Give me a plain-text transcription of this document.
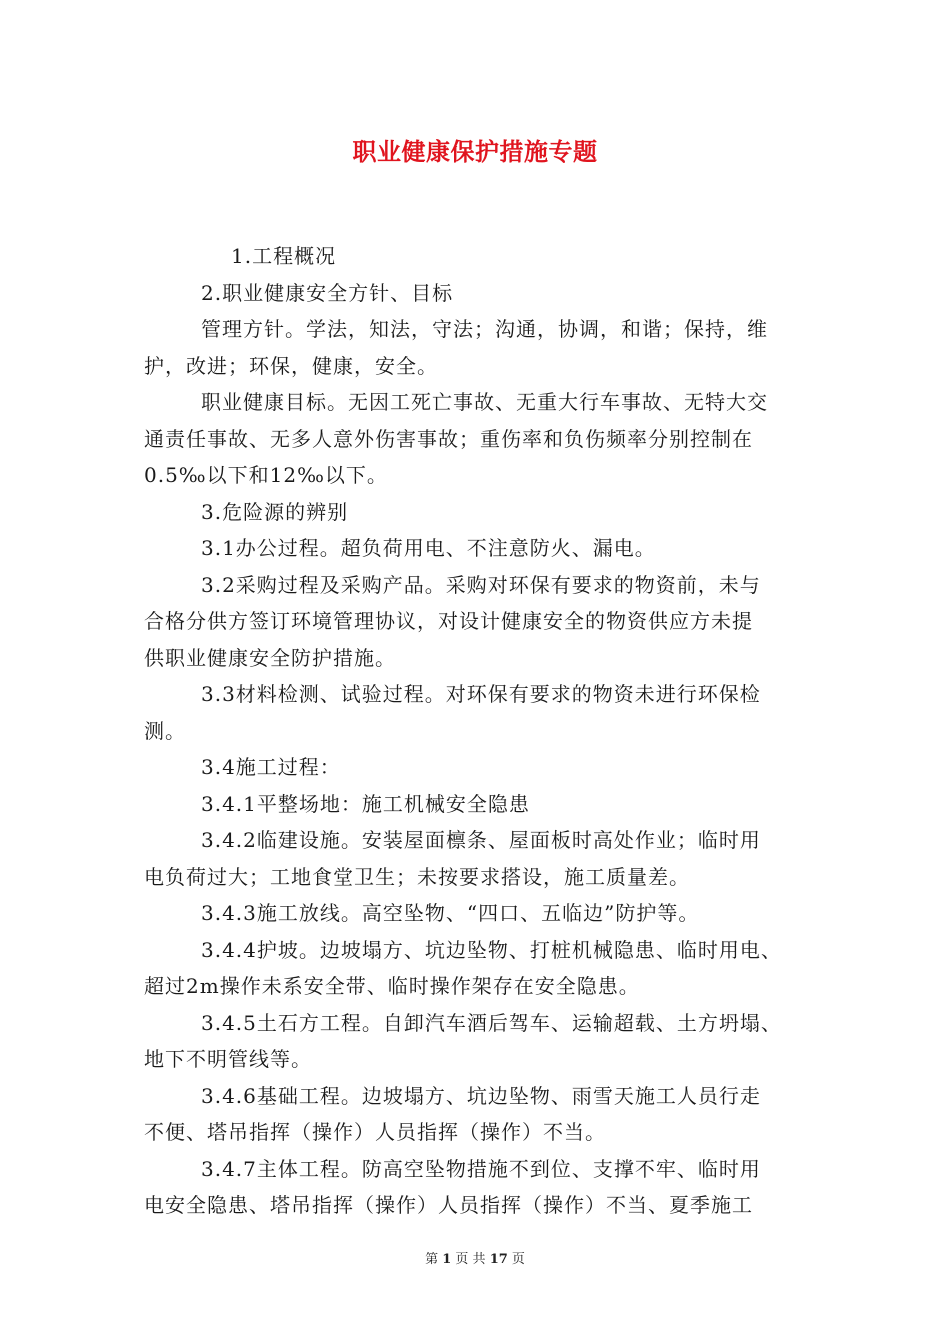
职业健康保护措施专题
1.工程概况
2.职业健康安全方针、目标
管理方针。学法，知法，守法；沟通，协调，和谐；保持，维
护，改进；环保，健康，安全。
职业健康目标。无因工死亡事故、无重大行车事故、无特大交
通责任事故、无多人意外伤害事故；重伤率和负伤频率分别控制在
0.5‰以下和12‰以下。
3.危险源的辨别
3.1办公过程。超负荷用电、不注意防火、漏电。
3.2采购过程及采购产品。采购对环保有要求的物资前，未与
合格分供方签订环境管理协议，对设计健康安全的物资供应方未提
供职业健康安全防护措施。
3.3材料检测、试验过程。对环保有要求的物资未进行环保检
测。
3.4施工过程：
3.4.1平整场地：施工机械安全隐患
3.4.2临建设施。安装屋面檩条、屋面板时高处作业；临时用
电负荷过大；工地食堂卫生；未按要求搭设，施工质量差。
3.4.3施工放线。高空坠物、“四口、五临边”防护等。
3.4.4护坡。边坡塌方、坑边坠物、打桩机械隐患、临时用电、
超过2m操作未系安全带、临时操作架存在安全隐患。
3.4.5土石方工程。自卸汽车酒后驾车、运输超载、土方坍塌、
地下不明管线等。
3.4.6基础工程。边坡塌方、坑边坠物、雨雪天施工人员行走
不便、塔吊指挥（操作）人员指挥（操作）不当。
3.4.7主体工程。防高空坠物措施不到位、支撑不牢、临时用
电安全隐患、塔吊指挥（操作）人员指挥（操作）不当、夏季施工
第 1 页 共 17 页
